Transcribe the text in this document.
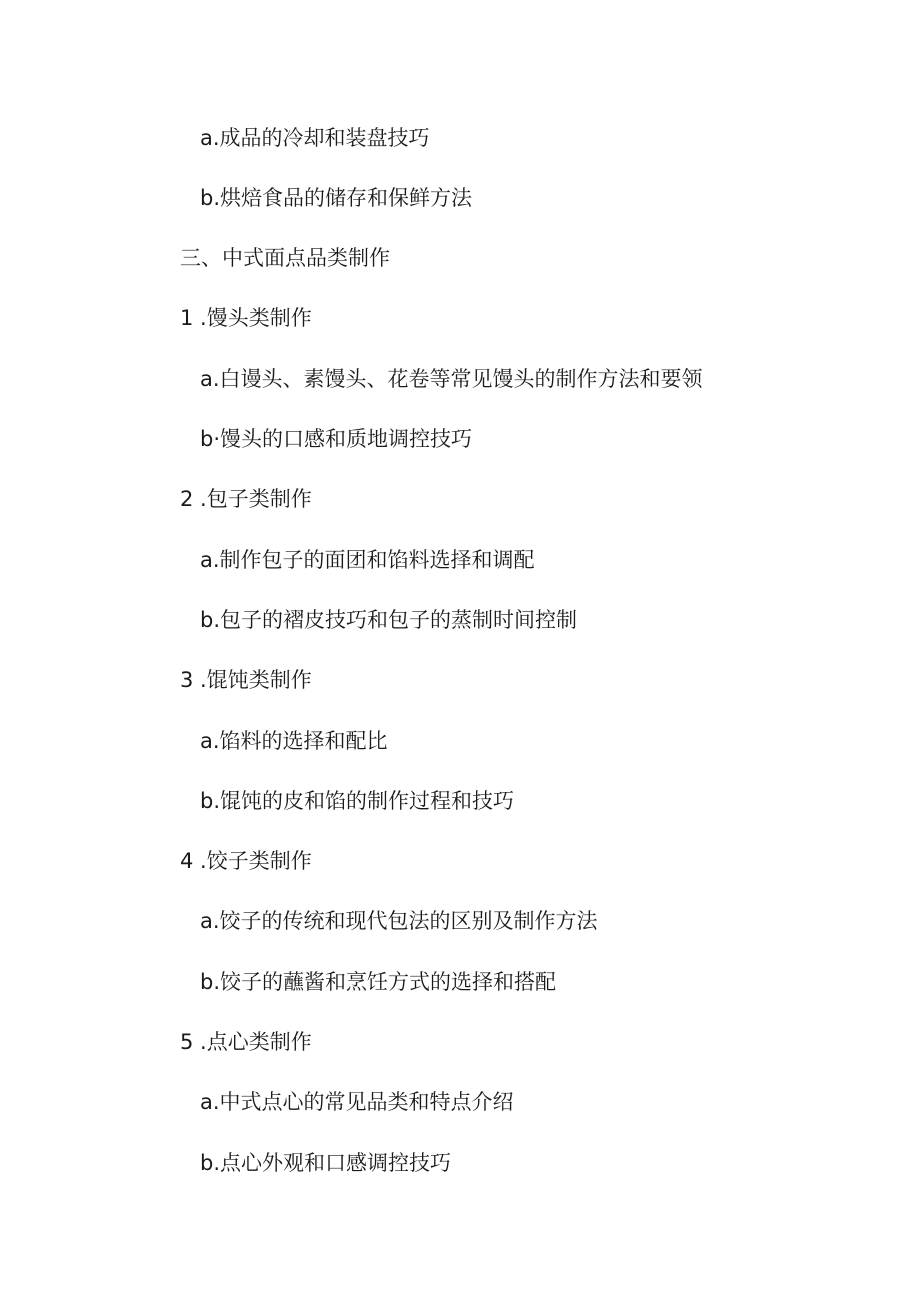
a.成品的冷却和装盘技巧
b.烘焙食品的储存和保鲜方法
三、中式面点品类制作
1 .馒头类制作
a.白谩头、素馒头、花卷等常见馒头的制作方法和要领
b·馒头的口感和质地调控技巧
2 .包子类制作
a.制作包子的面团和馅料选择和调配
b.包子的褶皮技巧和包子的蒸制时间控制
3 .馄饨类制作
a.馅料的选择和配比
b.馄饨的皮和馅的制作过程和技巧
4 .饺子类制作
a.饺子的传统和现代包法的区别及制作方法
b.饺子的蘸酱和烹饪方式的选择和搭配
5 .点心类制作
a.中式点心的常见品类和特点介绍
b.点心外观和口感调控技巧
